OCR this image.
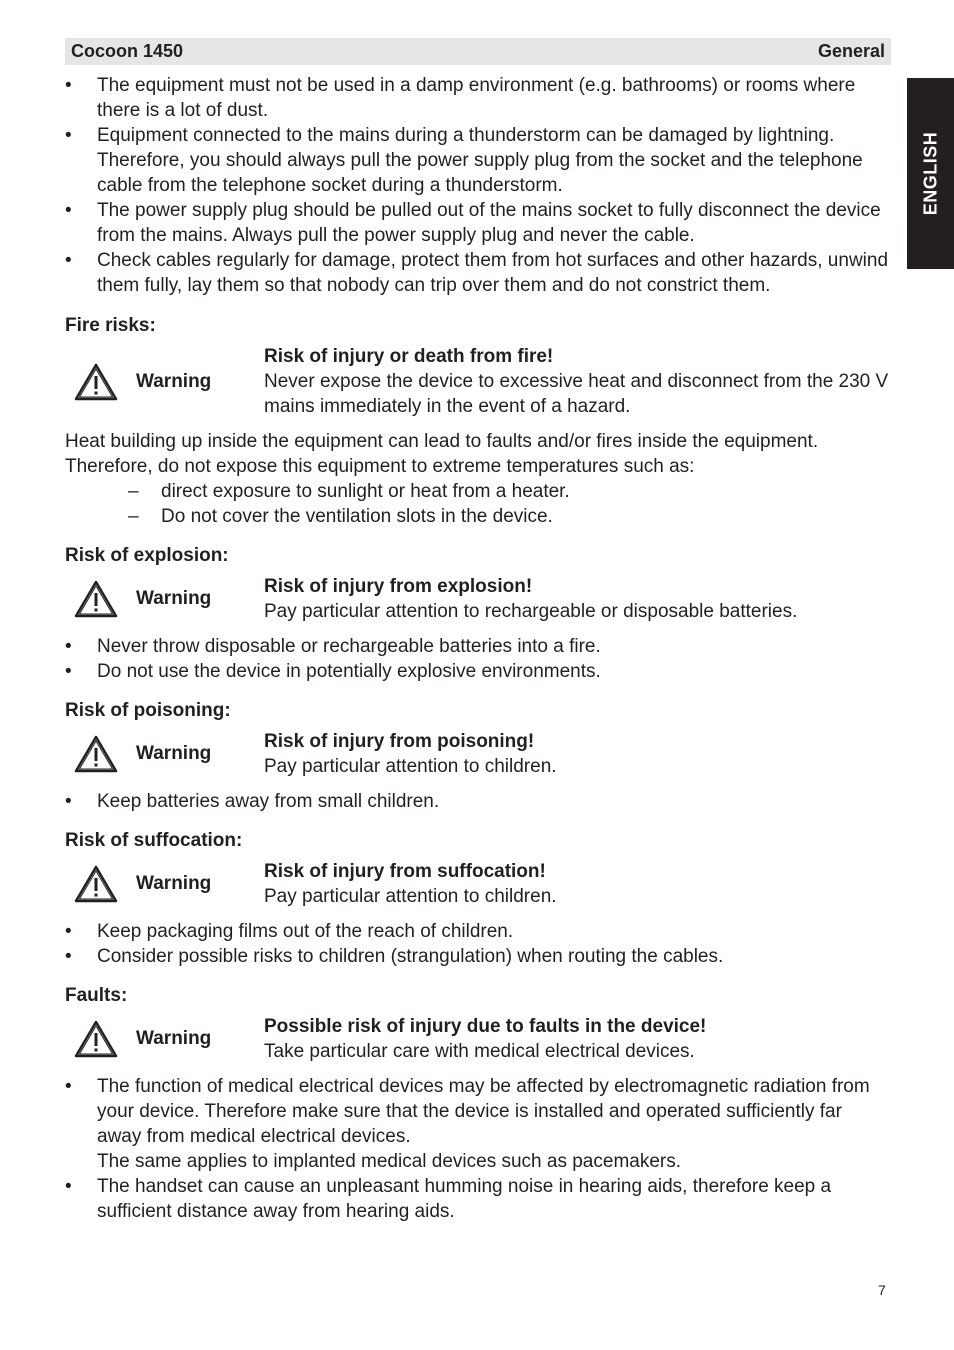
ENGLISH
Cocoon 1450	General
• The equipment must not be used in a damp environment (e.g. bathrooms) or rooms where there is a lot of dust.
• Equipment connected to the mains during a thunderstorm can be damaged by lightning. Therefore, you should always pull the power supply plug from the socket and the telephone cable from the telephone socket during a thunderstorm.
• The power supply plug should be pulled out of the mains socket to fully disconnect the device from the mains. Always pull the power supply plug and never the cable.
• Check cables regularly for damage, protect them from hot surfaces and other hazards, unwind them fully, lay them so that nobody can trip over them and do not constrict them.
Fire risks:
Warning
Risk of injury or death from fire!
Never expose the device to excessive heat and disconnect from the 230 V mains immediately in the event of a hazard.

Heat building up inside the equipment can lead to faults and/or fires inside the equipment. Therefore, do not expose this equipment to extreme temperatures such as:

– direct exposure to sunlight or heat from a heater.
– Do not cover the ventilation slots in the device.
Risk of explosion:
Warning
Risk of injury from explosion!
Pay particular attention to rechargeable or disposable batteries.
• Never throw disposable or rechargeable batteries into a fire.
• Do not use the device in potentially explosive environments.
Risk of poisoning:
Warning
Risk of injury from poisoning!
Pay particular attention to children.
• Keep batteries away from small children.
Risk of suffocation:
Warning
Risk of injury from suffocation!
Pay particular attention to children.
• Keep packaging films out of the reach of children.
• Consider possible risks to children (strangulation) when routing the cables.
Faults:
Warning
Possible risk of injury due to faults in the device!
Take particular care with medical electrical devices.
• The function of medical electrical devices may be affected by electromagnetic radiation from your device. Therefore make sure that the device is installed and operated sufficiently far away from medical electrical devices.
The same applies to implanted medical devices such as pacemakers.
• The handset can cause an unpleasant humming noise in hearing aids, therefore keep a sufficient distance away from hearing aids.
7
